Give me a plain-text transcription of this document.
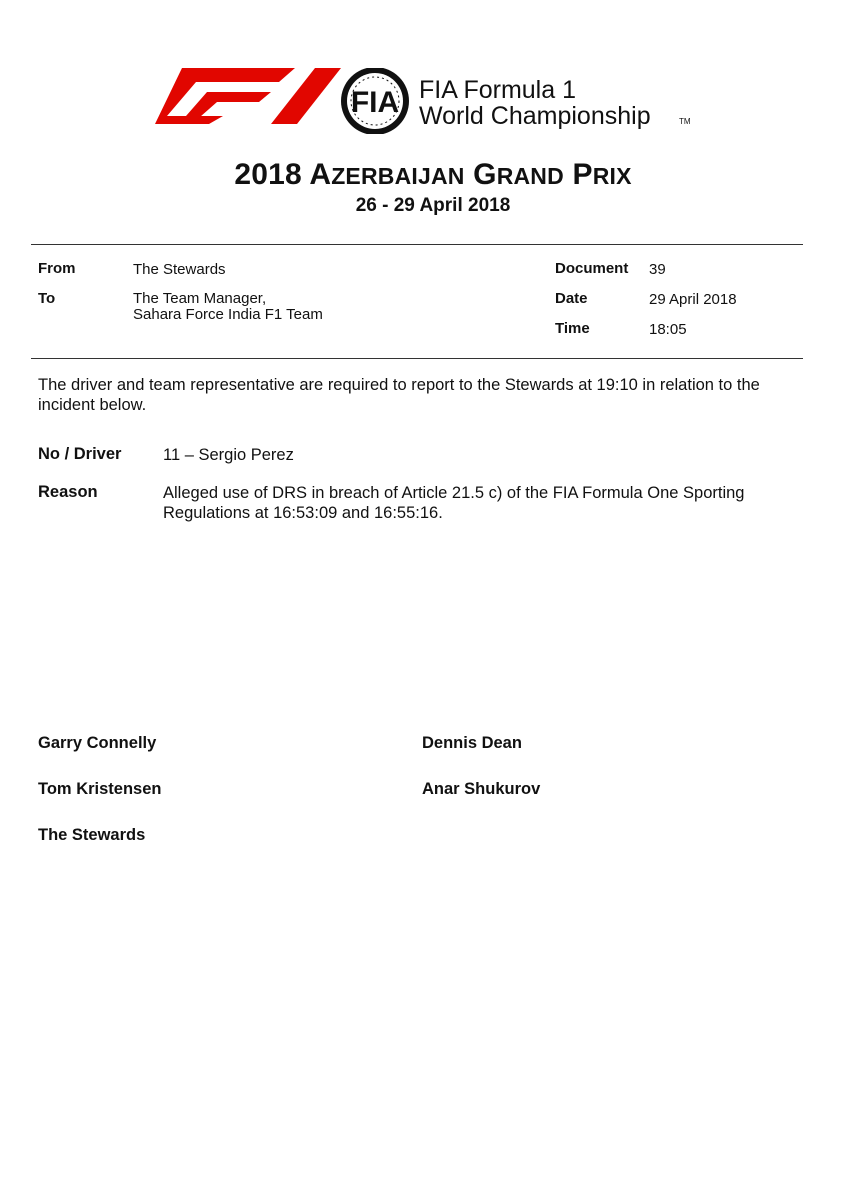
FIA FIA Formula 1
World Championship	TM
2018 AZERBAIJAN GRAND PRIX
26 - 29 April 2018
From	The Stewards
To	The Team Manager,
Sahara Force India F1 Team
Document 39
Date	29 April 2018
Time	18:05
The driver and team representative are required to report to the Stewards at 19:10 in relation to the
incident below.
No / Driver	11 – Sergio Perez
Reason	Alleged use of DRS in breach of Article 21.5 c) of the FIA Formula One Sporting
Regulations at 16:53:09 and 16:55:16.
Garry Connelly	Dennis Dean
Tom Kristensen	Anar Shukurov
The Stewards
